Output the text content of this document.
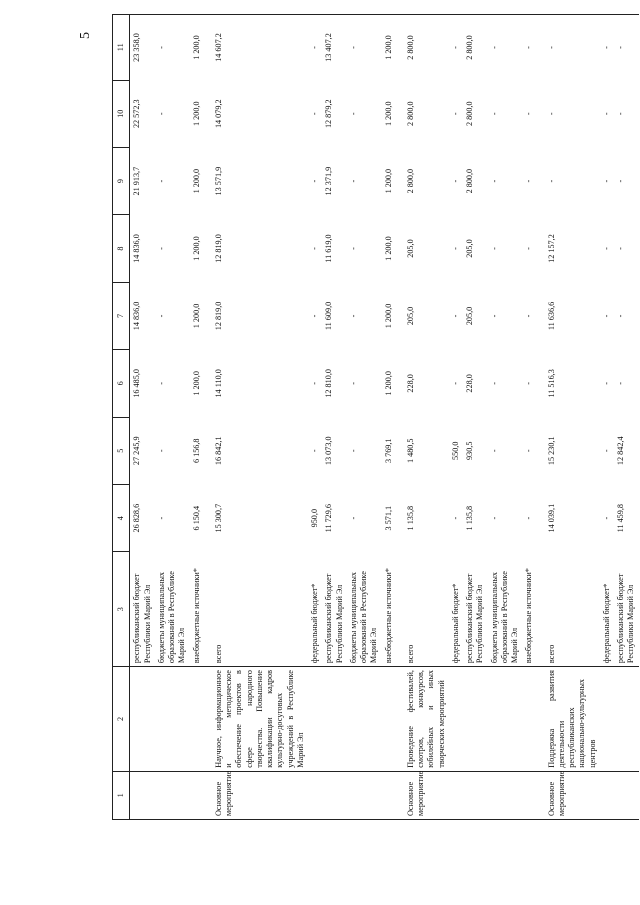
5
1	2	3	4	5	6	7	8	9	10	11
		республиканский бюджет Республики Марий Эл	26 828,6	27 245,9	16 485,0	14 836,0	14 836,0	21 913,7	22 572,3	23 358,0
		бюджеты муниципальных образований в Республике Марий Эл	-	-	-	-	-	-	-	-
		внебюджетные источники*	6 150,4	6 156,8	1 200,0	1 200,0	1 200,0	1 200,0	1 200,0	1 200,0
Основное мероприятие	Научное, информационное и методическое обеспечение проектов в сфере народного творчества. Повышение квалификации кадров культурно-досуговых учреждений в Республике Марий Эл	всего	15 300,7	16 842,1	14 110,0	12 819,0	12 819,0	13 571,9	14 079,2	14 607,2
		федеральный бюджет*	950,0	-	-	-	-	-	-	-
		республиканский бюджет Республики Марий Эл	11 729,6	13 073,0	12 810,0	11 609,0	11 619,0	12 371,9	12 879,2	13 407,2
		бюджеты муниципальных образований в Республике Марий Эл	-	-	-	-	-	-	-	-
		внебюджетные источники*	3 571,1	3 769,1	1 200,0	1 200,0	1 200,0	1 200,0	1 200,0	1 200,0
Основное мероприятие	Проведение фестивалей, смотров, конкурсов, юбилейных и иных творческих мероприятий	всего	1 135,8	1 480,5	228,0	205,0	205,0	2 800,0	2 800,0	2 800,0
		федеральный бюджет*	-	550,0	-	-	-	-	-	-
		республиканский бюджет Республики Марий Эл	1 135,8	930,5	228,0	205,0	205,0	2 800,0	2 800,0	2 800,0
		бюджеты муниципальных образований в Республике Марий Эл	-	-	-	-	-	-	-	-
		внебюджетные источники*	-	-	-	-	-	-	-	-
Основное мероприятие	Поддержка развития деятельности республиканских национально-культурных центров	всего	14 039,1	15 230,1	11 516,3	11 636,6	12 157,2	-	-	-
		федеральный бюджет*	-	-	-	-	-	-	-	-
		республиканский бюджет Республики Марий Эл	11 459,8	12 842,4	-	-	-	-	-	-
